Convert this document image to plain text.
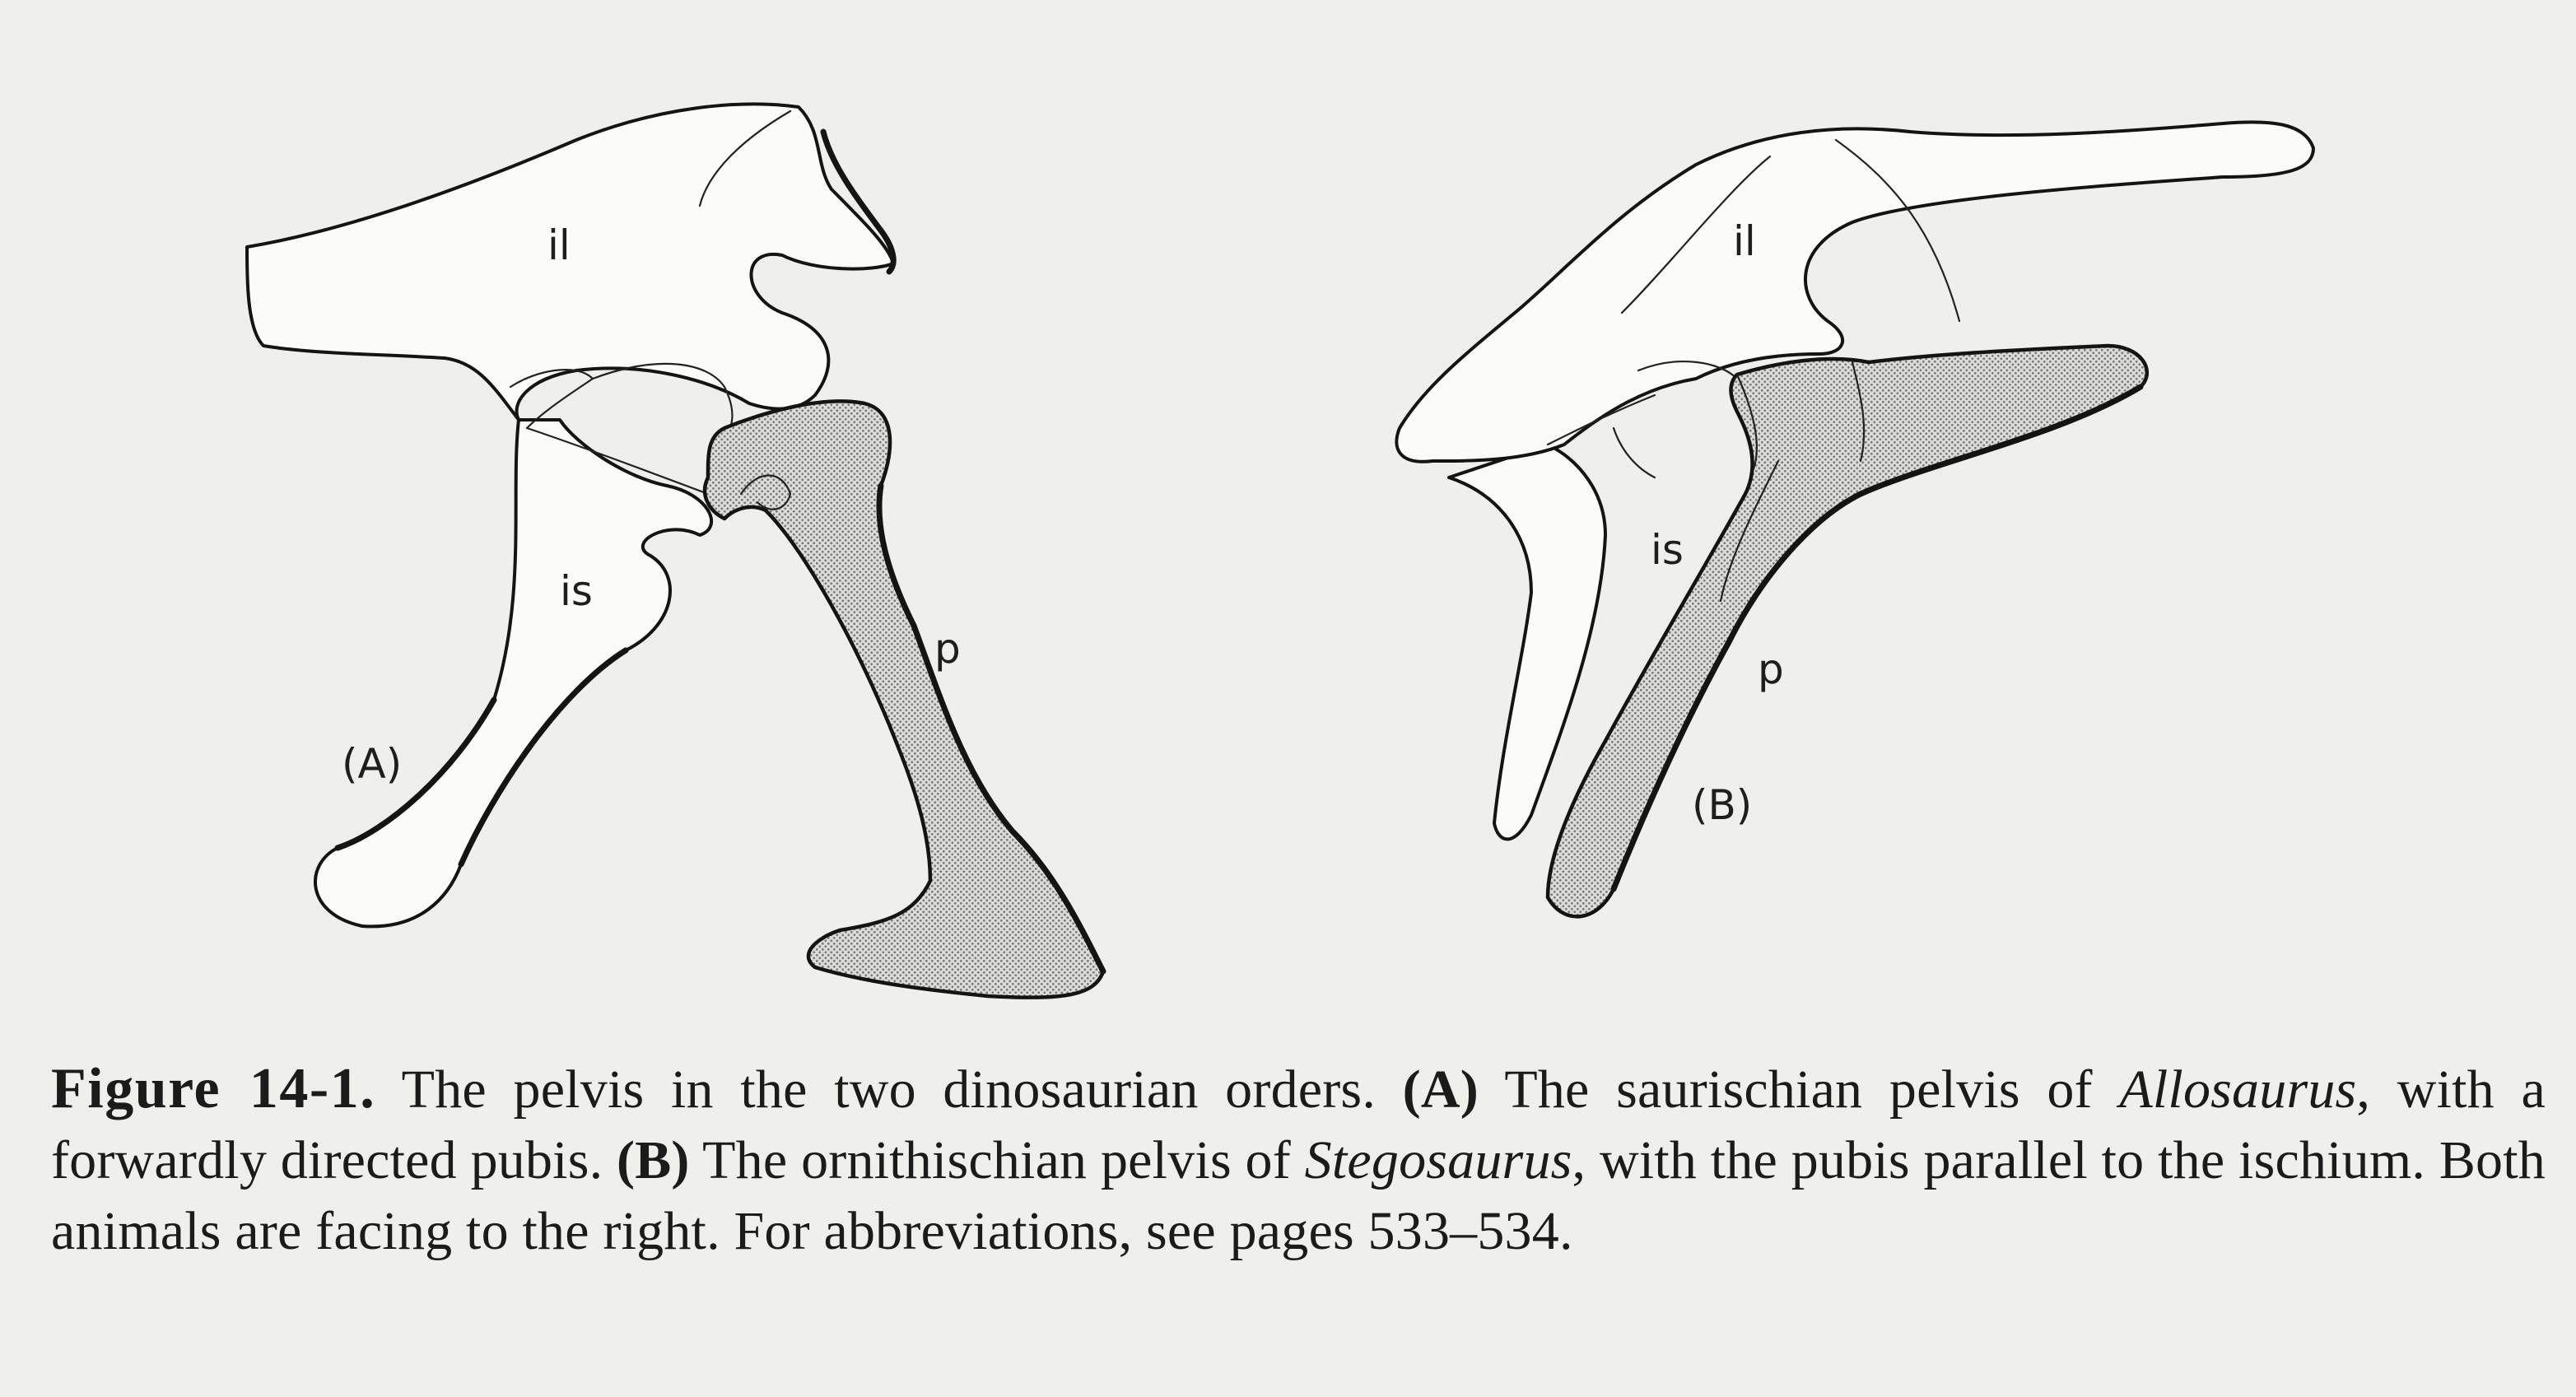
il
is
p
(A)
il
is
p
(B)
Figure 14-1. The pelvis in the two dinosaurian orders. (A) The saurischian pelvis of Allosaurus, with a forwardly directed pubis. (B) The ornithischian pelvis of Stegosaurus, with the pubis parallel to the ischium. Both animals are facing to the right. For abbreviations, see pages 533–534.
